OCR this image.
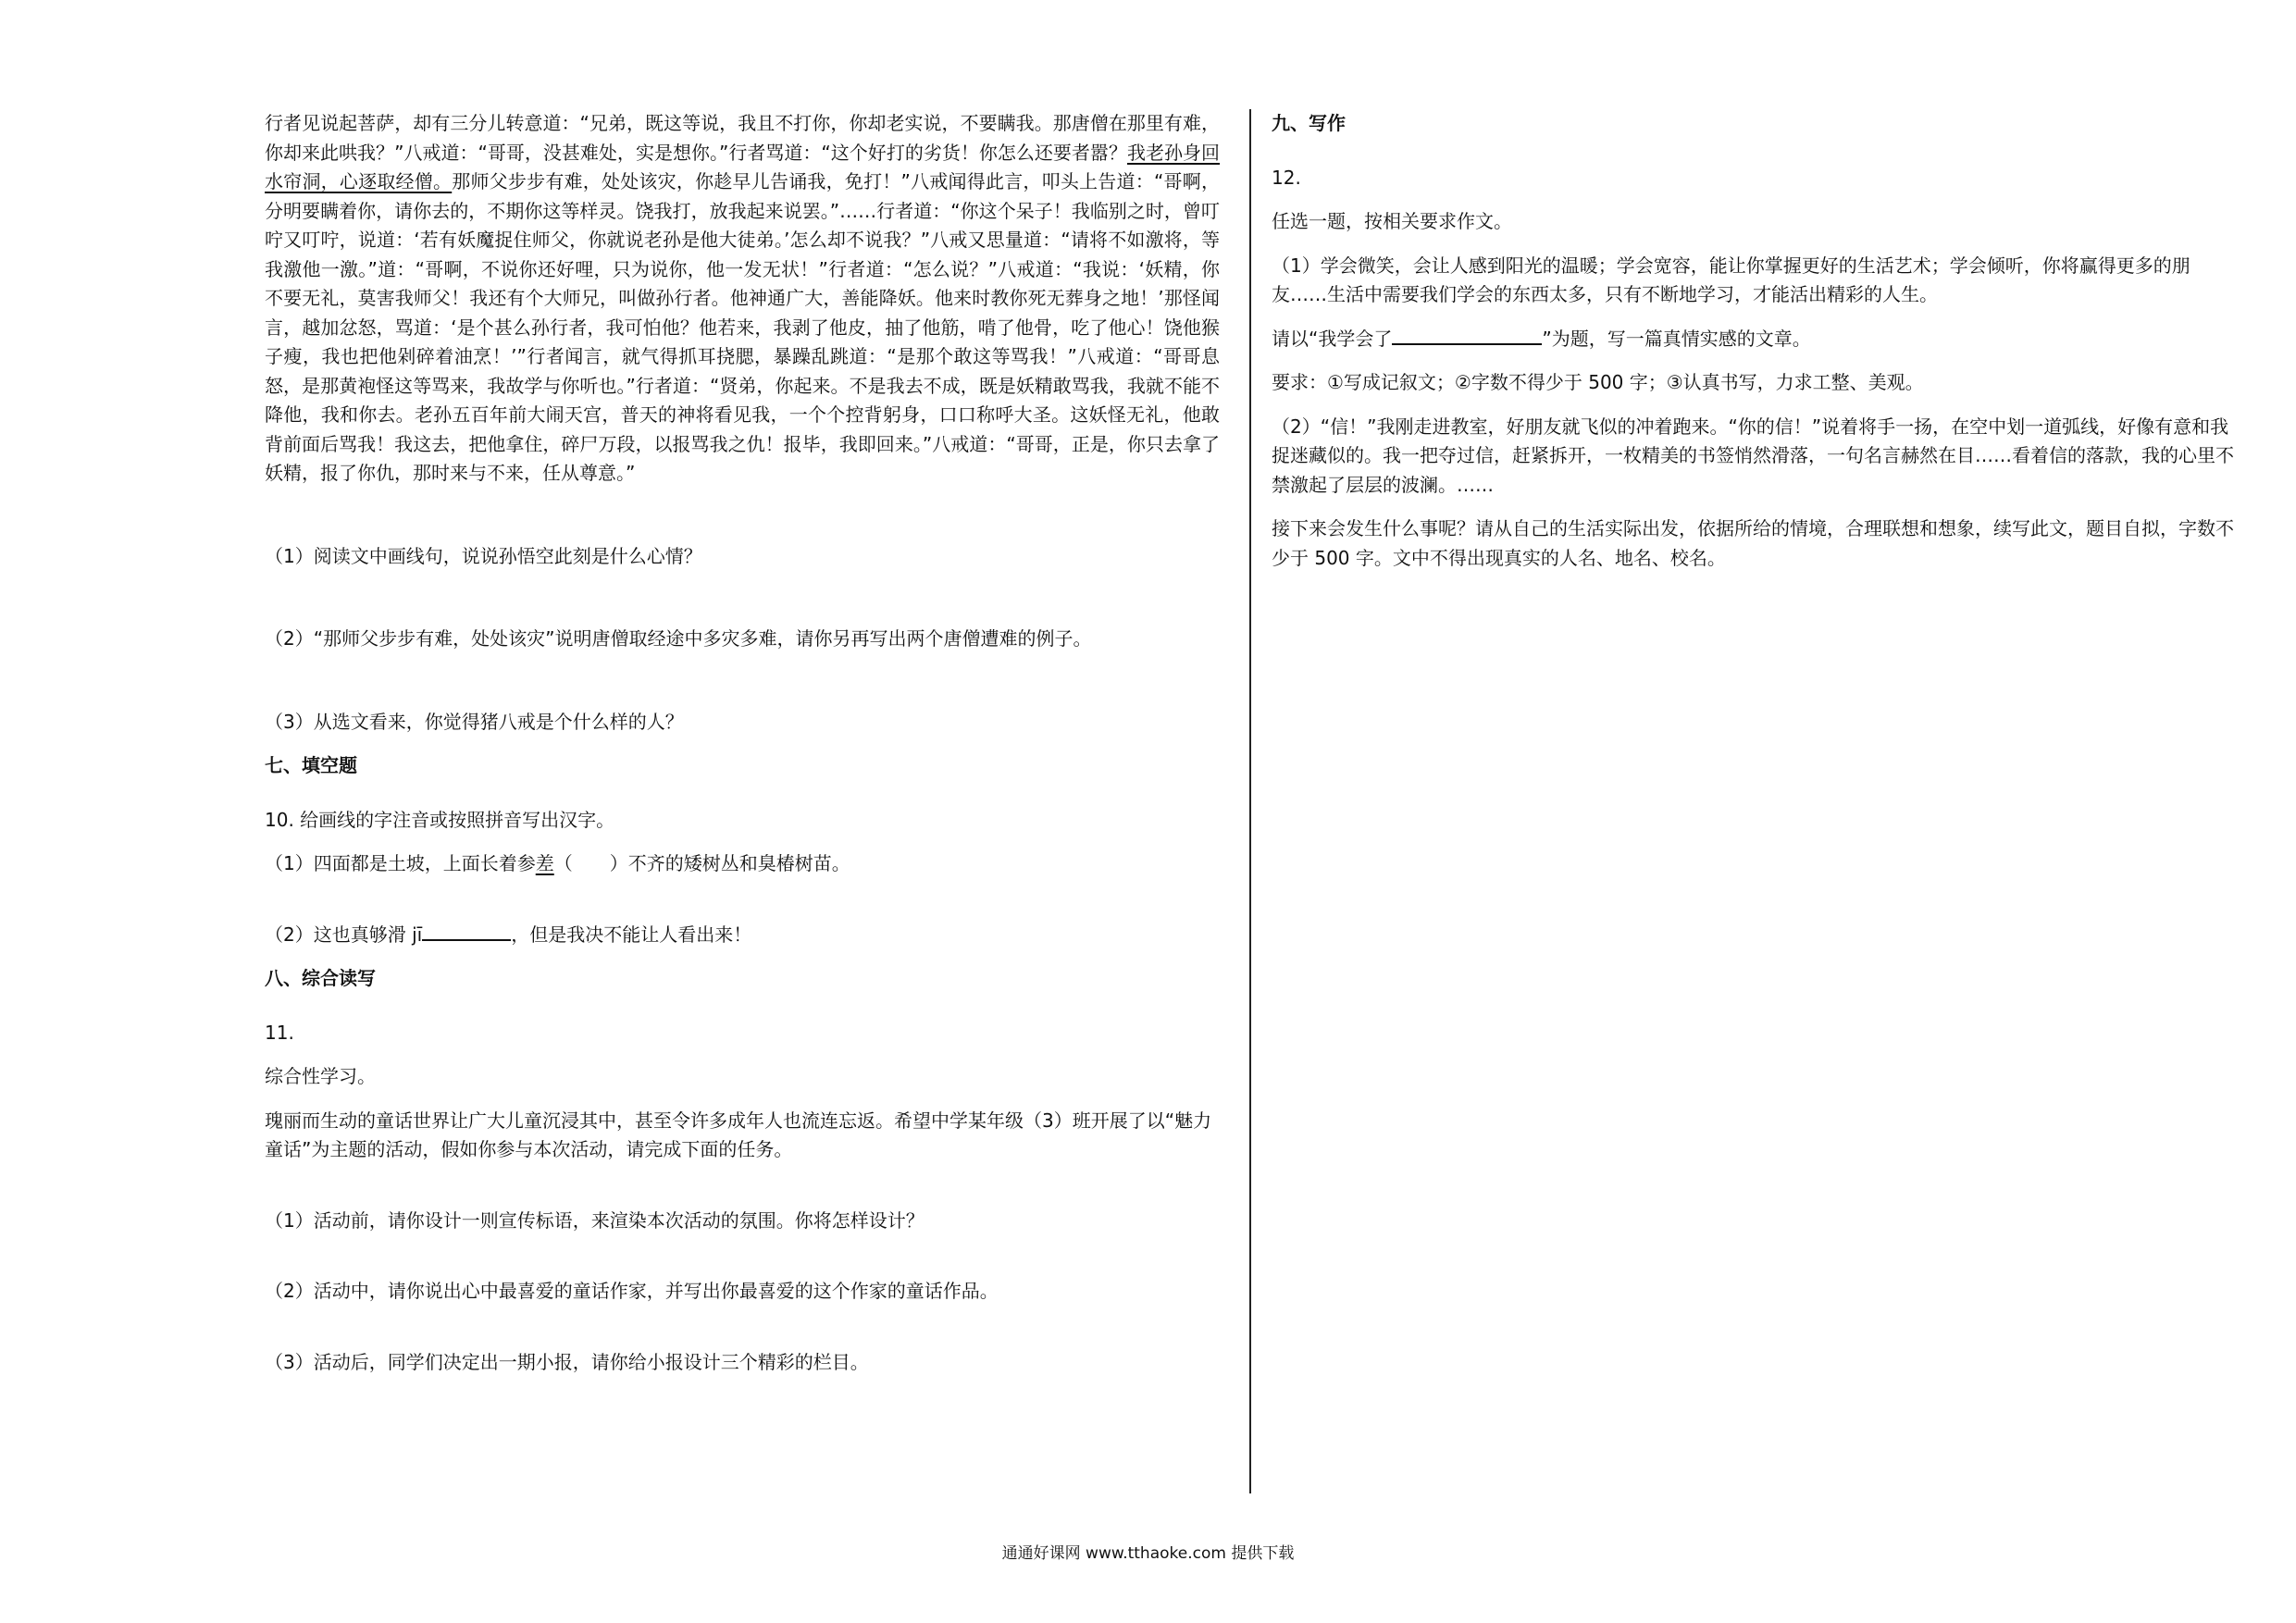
行者见说起菩萨，却有三分儿转意道：“兄弟，既这等说，我且不打你，你却老实说，不要瞒我。那唐僧在那里有难，你却来此哄我？”八戒道：“哥哥，没甚难处，实是想你。”行者骂道：“这个好打的劣货！你怎么还要者嚣？我老孙身回水帘洞，心逐取经僧。那师父步步有难，处处该灾，你趁早儿告诵我，免打！”八戒闻得此言，叩头上告道：“哥啊，分明要瞒着你，请你去的，不期你这等样灵。饶我打，放我起来说罢。”……行者道：“你这个呆子！我临别之时，曾叮咛又叮咛，说道：‘若有妖魔捉住师父，你就说老孙是他大徒弟。’怎么却不说我？”八戒又思量道：“请将不如激将，等我激他一激。”道：“哥啊，不说你还好哩，只为说你，他一发无状！”行者道：“怎么说？”八戒道：“我说：‘妖精，你不要无礼，莫害我师父！我还有个大师兄，叫做孙行者。他神通广大，善能降妖。他来时教你死无葬身之地！’那怪闻言，越加忿怒，骂道：‘是个甚么孙行者，我可怕他？他若来，我剥了他皮，抽了他筋，啃了他骨，吃了他心！饶他猴子瘦，我也把他剁碎着油烹！’”行者闻言，就气得抓耳挠腮，暴躁乱跳道：“是那个敢这等骂我！”八戒道：“哥哥息怒，是那黄袍怪这等骂来，我故学与你听也。”行者道：“贤弟，你起来。不是我去不成，既是妖精敢骂我，我就不能不降他，我和你去。老孙五百年前大闹天宫，普天的神将看见我，一个个控背躬身，口口称呼大圣。这妖怪无礼，他敢背前面后骂我！我这去，把他拿住，碎尸万段，以报骂我之仇！报毕，我即回来。”八戒道：“哥哥，正是，你只去拿了妖精，报了你仇，那时来与不来，任从尊意。”

（1）阅读文中画线句，说说孙悟空此刻是什么心情？

（2）“那师父步步有难，处处该灾”说明唐僧取经途中多灾多难，请你另再写出两个唐僧遭难的例子。

（3）从选文看来，你觉得猪八戒是个什么样的人？

七、填空题

10. 给画线的字注音或按照拼音写出汉字。

（1）四面都是土坡，上面长着参差（　　）不齐的矮树丛和臭椿树苗。

（2）这也真够滑 jī	，但是我决不能让人看出来！

八、综合读写

11.

综合性学习。

瑰丽而生动的童话世界让广大儿童沉浸其中，甚至令许多成年人也流连忘返。希望中学某年级（3）班开展了以“魅力童话”为主题的活动，假如你参与本次活动，请完成下面的任务。

（1）活动前，请你设计一则宣传标语，来渲染本次活动的氛围。你将怎样设计？

（2）活动中，请你说出心中最喜爱的童话作家，并写出你最喜爱的这个作家的童话作品。

（3）活动后，同学们决定出一期小报，请你给小报设计三个精彩的栏目。

九、写作

12.

任选一题，按相关要求作文。

（1）学会微笑，会让人感到阳光的温暖；学会宽容，能让你掌握更好的生活艺术；学会倾听，你将赢得更多的朋友……生活中需要我们学会的东西太多，只有不断地学习，才能活出精彩的人生。

请以“我学会了	”为题，写一篇真情实感的文章。

要求：①写成记叙文；②字数不得少于 500 字；③认真书写，力求工整、美观。

（2）“信！”我刚走进教室，好朋友就飞似的冲着跑来。“你的信！”说着将手一扬，在空中划一道弧线，好像有意和我捉迷藏似的。我一把夺过信，赶紧拆开，一枚精美的书签悄然滑落，一句名言赫然在目……看着信的落款，我的心里不禁激起了层层的波澜。……

接下来会发生什么事呢？请从自己的生活实际出发，依据所给的情境，合理联想和想象，续写此文，题目自拟，字数不少于 500 字。文中不得出现真实的人名、地名、校名。

通通好课网 www.tthaoke.com 提供下载
